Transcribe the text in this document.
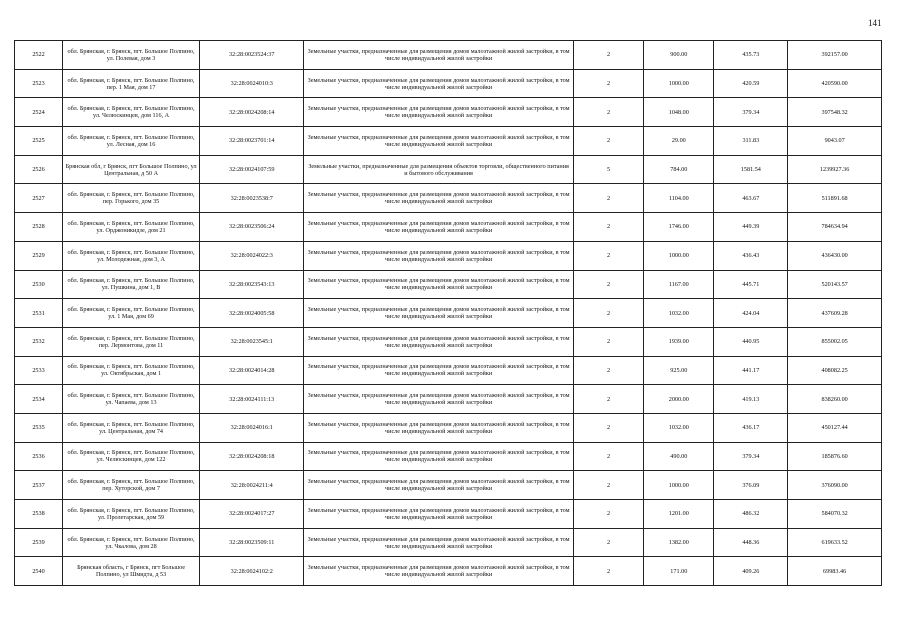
141
2522	обл. Брянская, г. Брянск, пгт. Большое Полпино, ул. Полевая, дом 3	32:28:0023524:37	Земельные участки, предназначенные для размещения домов малоэтажной жилой застройки, в том числе индивидуальной жилой застройки	2	900.00	435.73	392157.00
2523	обл. Брянская, г. Брянск, пгт. Большое Полпино, пер. 1 Мая, дом 17	32:28:0024010:3	Земельные участки, предназначенные для размещения домов малоэтажной жилой застройки, в том числе индивидуальной жилой застройки	2	1000.00	420.59	420590.00
2524	обл. Брянская, г. Брянск, пгт. Большое Полпино, ул. Челюскинцев, дом 116, А	32:28:0024208:14	Земельные участки, предназначенные для размещения домов малоэтажной жилой застройки, в том числе индивидуальной жилой застройки	2	1048.00	379.34	397548.32
2525	обл. Брянская, г. Брянск, пгт. Большое Полпино, ул. Лесная, дом 16	32:28:0023701:14	Земельные участки, предназначенные для размещения домов малоэтажной жилой застройки, в том числе индивидуальной жилой застройки	2	29.00	311.83	9043.07
2526	Брянская обл, г Брянск, пгт Большое Полпино, ул Центральная, д 50 А	32:28:0024107:59	Земельные участки, предназначенные для размещения объектов торговли, общественного питания и бытового обслуживания	5	784.00	1581.54	1239927.36
2527	обл. Брянская, г. Брянск, пгт. Большое Полпино, пер. Горького, дом 35	32:28:0023538:7	Земельные участки, предназначенные для размещения домов малоэтажной жилой застройки, в том числе индивидуальной жилой застройки	2	1104.00	463.67	511891.68
2528	обл. Брянская, г. Брянск, пгт. Большое Полпино, ул. Орджоникидзе, дом 21	32:28:0023506:24	Земельные участки, предназначенные для размещения домов малоэтажной жилой застройки, в том числе индивидуальной жилой застройки	2	1746.00	449.39	784634.94
2529	обл. Брянская, г. Брянск, пгт. Большое Полпино, ул. Молодежная, дом 3, А	32:28:0024022:3	Земельные участки, предназначенные для размещения домов малоэтажной жилой застройки, в том числе индивидуальной жилой застройки	2	1000.00	436.43	436430.00
2530	обл. Брянская, г. Брянск, пгт. Большое Полпино, ул. Пушкина, дом 1, В	32:28:0023543:13	Земельные участки, предназначенные для размещения домов малоэтажной жилой застройки, в том числе индивидуальной жилой застройки	2	1167.00	445.71	520143.57
2531	обл. Брянская, г. Брянск, пгт. Большое Полпино, ул. 1 Мая, дом 69	32:28:0024005:58	Земельные участки, предназначенные для размещения домов малоэтажной жилой застройки, в том числе индивидуальной жилой застройки	2	1032.00	424.04	437609.28
2532	обл. Брянская, г. Брянск, пгт. Большое Полпино, пер. Лермонтова, дом 11	32:28:0023545:1	Земельные участки, предназначенные для размещения домов малоэтажной жилой застройки, в том числе индивидуальной жилой застройки	2	1939.00	440.95	855002.05
2533	обл. Брянская, г. Брянск, пгт. Большое Полпино, ул. Октябрьская, дом 1	32:28:0024014:28	Земельные участки, предназначенные для размещения домов малоэтажной жилой застройки, в том числе индивидуальной жилой застройки	2	925.00	441.17	408082.25
2534	обл. Брянская, г. Брянск, пгт. Большое Полпино, ул. Чапаева, дом 13	32:28:0024111:13	Земельные участки, предназначенные для размещения домов малоэтажной жилой застройки, в том числе индивидуальной жилой застройки	2	2000.00	419.13	838260.00
2535	обл. Брянская, г. Брянск, пгт. Большое Полпино, ул. Центральная, дом 74	32:28:0024016:1	Земельные участки, предназначенные для размещения домов малоэтажной жилой застройки, в том числе индивидуальной жилой застройки	2	1032.00	436.17	450127.44
2536	обл. Брянская, г. Брянск, пгт. Большое Полпино, ул. Челюскинцев, дом 122	32:28:0024208:18	Земельные участки, предназначенные для размещения домов малоэтажной жилой застройки, в том числе индивидуальной жилой застройки	2	490.00	379.34	185876.60
2537	обл. Брянская, г. Брянск, пгт. Большое Полпино, пер. Хуторской, дом 7	32:28:0024211:4	Земельные участки, предназначенные для размещения домов малоэтажной жилой застройки, в том числе индивидуальной жилой застройки	2	1000.00	376.09	376090.00
2538	обл. Брянская, г. Брянск, пгт. Большое Полпино, ул. Пролетарская, дом 59	32:28:0024017:27	Земельные участки, предназначенные для размещения домов малоэтажной жилой застройки, в том числе индивидуальной жилой застройки	2	1201.00	486.32	584070.32
2539	обл. Брянская, г. Брянск, пгт. Большое Полпино, ул. Чкалова, дом 28	32:28:0023509:11	Земельные участки, предназначенные для размещения домов малоэтажной жилой застройки, в том числе индивидуальной жилой застройки	2	1382.00	448.36	619633.52
2540	Брянская область, г Брянск, пгт Большое Полпино, ул Шмидта, д 53	32:28:0024102:2	Земельные участки, предназначенные для размещения домов малоэтажной жилой застройки, в том числе индивидуальной жилой застройки	2	171.00	409.26	69983.46
